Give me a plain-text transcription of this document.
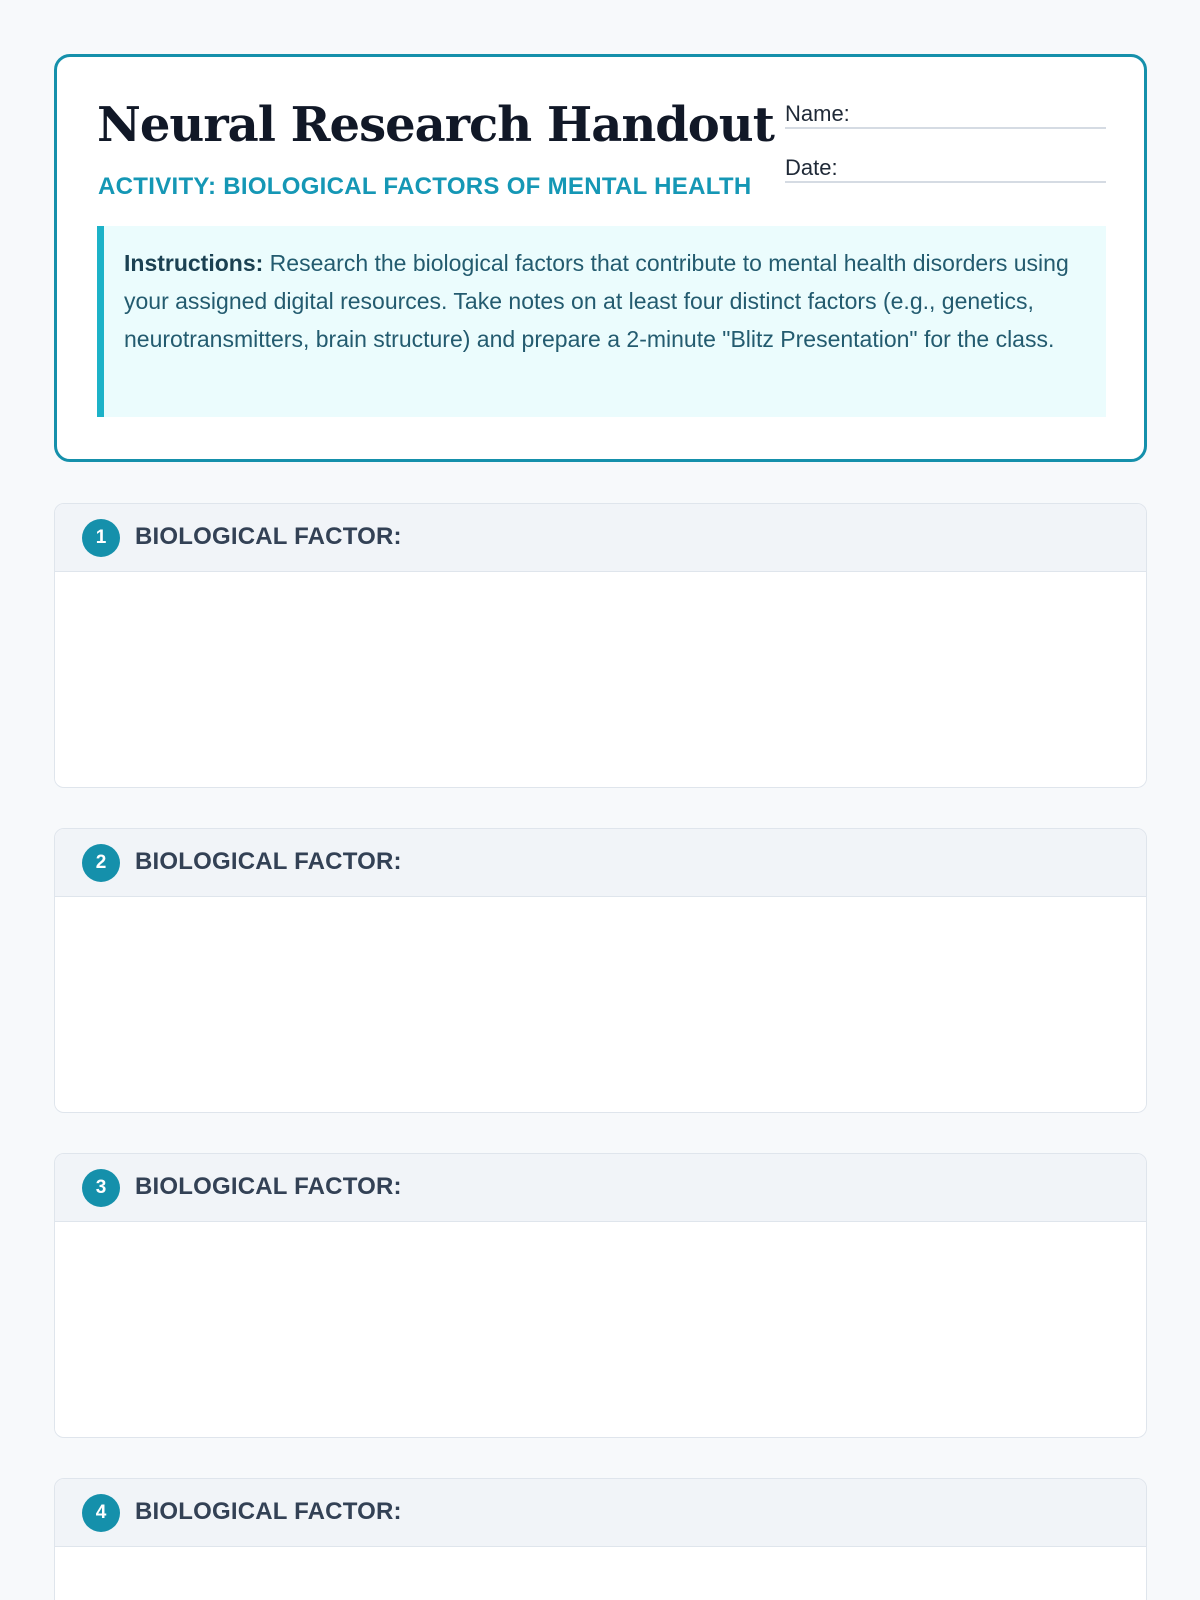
Neural Research Handout
ACTIVITY: BIOLOGICAL FACTORS OF MENTAL HEALTH
Name:
Date:
Instructions: Research the biological factors that contribute to mental health disorders using your assigned digital resources. Take notes on at least four distinct factors (e.g., genetics, neurotransmitters, brain structure) and prepare a 2-minute "Blitz Presentation" for the class.
1	BIOLOGICAL FACTOR:
2	BIOLOGICAL FACTOR:
3	BIOLOGICAL FACTOR:
4	BIOLOGICAL FACTOR:
